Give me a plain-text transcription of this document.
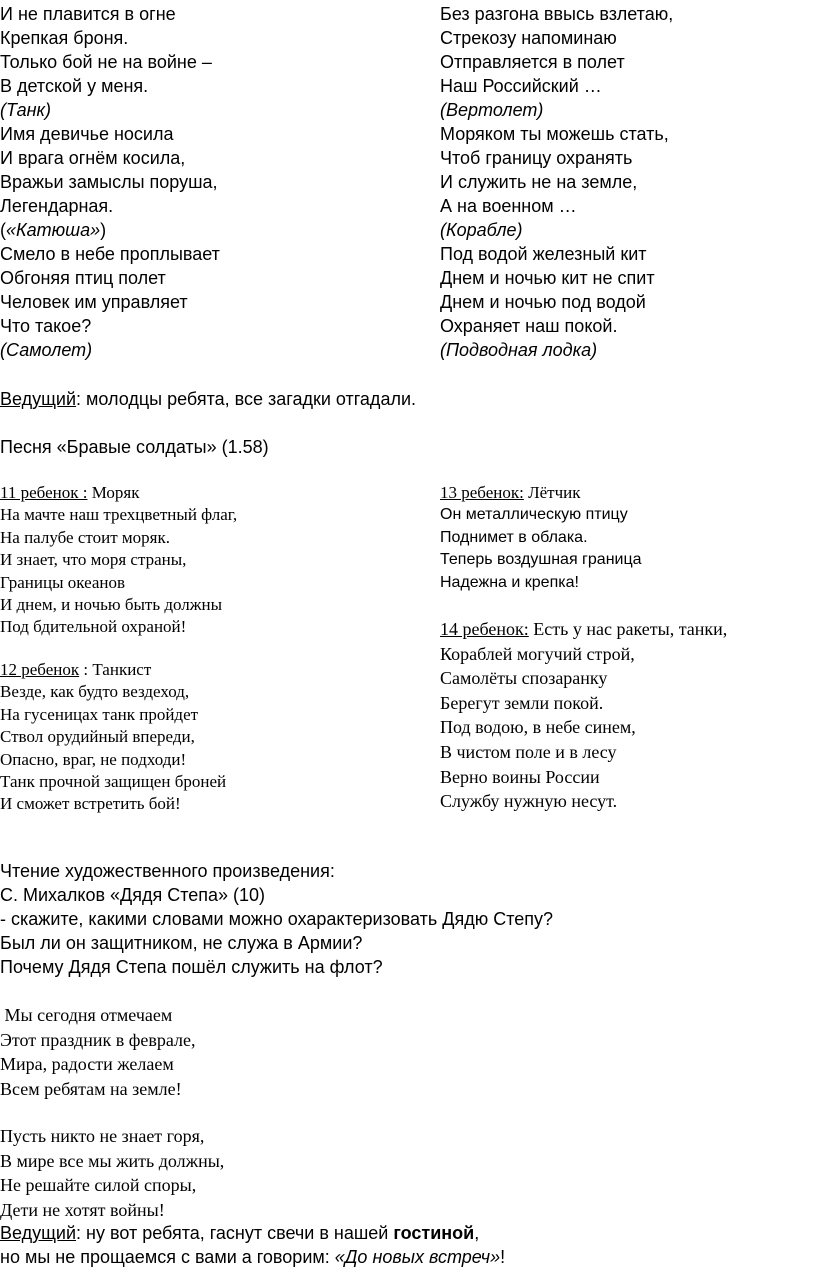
И не плавится в огне
Крепкая броня.
Только бой не на войне –
В детской у меня.
(Танк)
Имя девичье носила
И врага огнём косила,
Вражьи замыслы поруша,
Легендарная.
(«Катюша»)
Смело в небе проплывает
Обгоняя птиц полет
Человек им управляет
Что такое?
(Самолет)
Без разгона ввысь взлетаю,
Стрекозу напоминаю
Отправляется в полет
Наш Российский …
(Вертолет)
Моряком ты можешь стать,
Чтоб границу охранять
И служить не на земле,
А на военном …
(Корабле)
Под водой железный кит
Днем и ночью кит не спит
Днем и ночью под водой
Охраняет наш покой.
(Подводная лодка)
Ведущий: молодцы ребята, все загадки отгадали.
Песня «Бравые солдаты» (1.58)
11 ребенок : Моряк
На мачте наш трехцветный флаг,
На палубе стоит моряк.
И знает, что моря страны,
Границы океанов
И днем, и ночью быть должны
Под бдительной охраной!
12 ребенок : Танкист
Везде, как будто вездеход,
На гусеницах танк пройдет
Ствол орудийный впереди,
Опасно, враг, не подходи!
Танк прочной защищен броней
И сможет встретить бой!
13 ребенок: Лётчик
Он металлическую птицу
Поднимет в облака.
Теперь воздушная граница
Надежна и крепка!
14 ребенок: Есть у нас ракеты, танки,
Кораблей могучий строй,
Самолёты спозаранку
Берегут земли покой.
Под водою, в небе синем,
В чистом поле и в лесу
Верно воины России
Службу нужную несут.
Чтение художественного произведения:
С. Михалков «Дядя Степа» (10)
- скажите, какими словами можно охарактеризовать Дядю Степу?
Был ли он защитником, не служа в Армии?
Почему Дядя Степа пошёл служить на флот?
Мы сегодня отмечаем
Этот праздник в феврале,
Мира, радости желаем
Всем ребятам на земле!
Пусть никто не знает горя,
В мире все мы жить должны,
Не решайте силой споры,
Дети не хотят войны!
Ведущий: ну вот ребята, гаснут свечи в нашей гостиной,
но мы не прощаемся с вами а говорим: «До новых встреч»!
